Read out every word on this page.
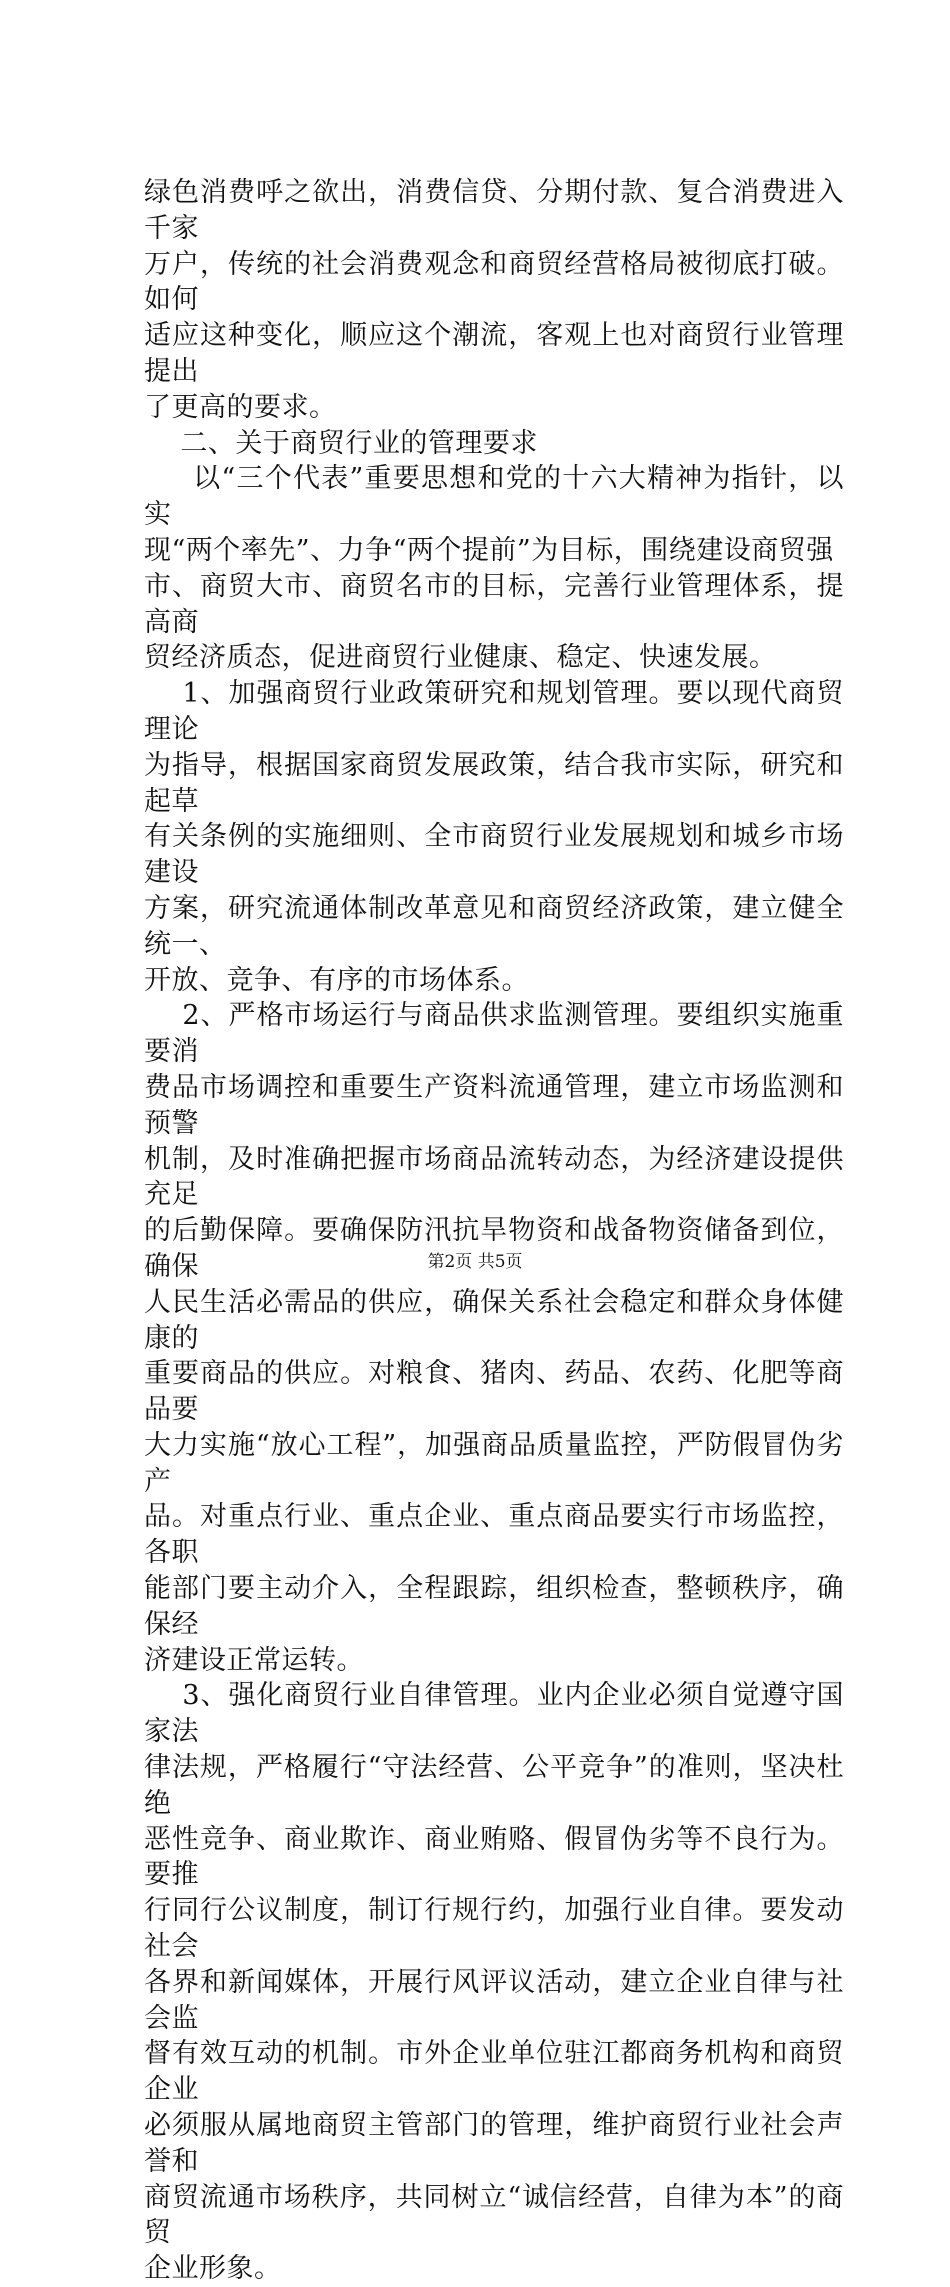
绿色消费呼之欲出，消费信贷、分期付款、复合消费进入千家

万户，传统的社会消费观念和商贸经营格局被彻底打破。如何

适应这种变化，顺应这个潮流，客观上也对商贸行业管理提出

了更高的要求。

二、关于商贸行业的管理要求

以“三个代表”重要思想和党的十六大精神为指针，以实

现“两个率先”、力争“两个提前”为目标，围绕建设商贸强

市、商贸大市、商贸名市的目标，完善行业管理体系，提高商

贸经济质态，促进商贸行业健康、稳定、快速发展。

1、加强商贸行业政策研究和规划管理。要以现代商贸理论

为指导，根据国家商贸发展政策，结合我市实际，研究和起草

有关条例的实施细则、全市商贸行业发展规划和城乡市场建设

方案，研究流通体制改革意见和商贸经济政策，建立健全统一、

开放、竞争、有序的市场体系。

2、严格市场运行与商品供求监测管理。要组织实施重要消

费品市场调控和重要生产资料流通管理，建立市场监测和预警

机制，及时准确把握市场商品流转动态，为经济建设提供充足

的后勤保障。要确保防汛抗旱物资和战备物资储备到位，确保

人民生活必需品的供应，确保关系社会稳定和群众身体健康的

重要商品的供应。对粮食、猪肉、药品、农药、化肥等商品要

大力实施“放心工程”，加强商品质量监控，严防假冒伪劣产

品。对重点行业、重点企业、重点商品要实行市场监控，各职

能部门要主动介入，全程跟踪，组织检查，整顿秩序，确保经

济建设正常运转。

3、强化商贸行业自律管理。业内企业必须自觉遵守国家法

律法规，严格履行“守法经营、公平竞争”的准则，坚决杜绝

恶性竞争、商业欺诈、商业贿赂、假冒伪劣等不良行为。要推

行同行公议制度，制订行规行约，加强行业自律。要发动社会

各界和新闻媒体，开展行风评议活动，建立企业自律与社会监

督有效互动的机制。市外企业单位驻江都商务机构和商贸企业

必须服从属地商贸主管部门的管理，维护商贸行业社会声誉和

商贸流通市场秩序，共同树立“诚信经营，自律为本”的商贸

企业形象。

第2页 共5页
